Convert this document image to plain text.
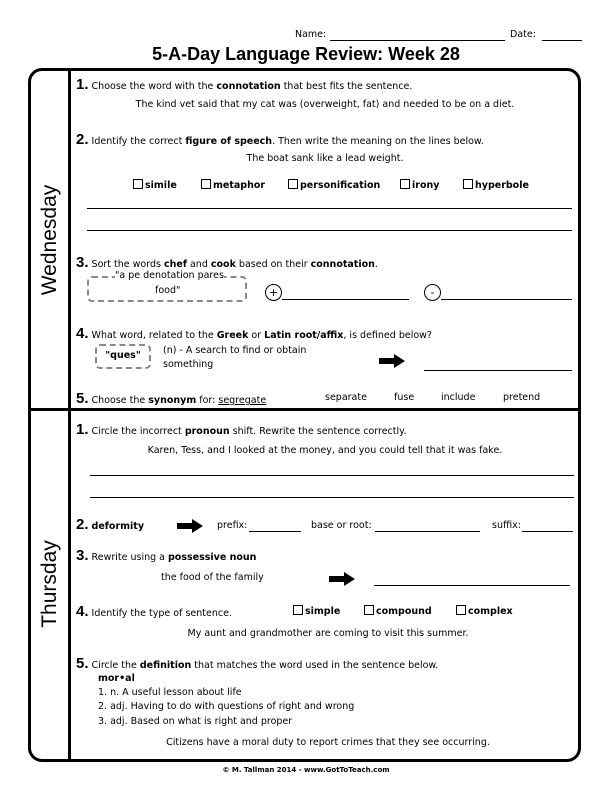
Name:	Date:
5-A-Day Language Review: Week 28
Wednesday
Thursday
1. Choose the word with the connotation that best fits the sentence.
The kind vet said that my cat was (overweight, fat) and needed to be on a diet.
2. Identify the correct figure of speech. Then write the meaning on the lines below.
The boat sank like a lead weight.
simile	metaphor	personification	irony	hyperbole
3. Sort the words chef and cook based on their connotation.
"a pe denotation pares
food"	+	-
4. What word, related to the Greek or Latin root/affix, is defined below?
"ques"	(n) - A search to find or obtain
something
5. Choose the synonym for: segregate	separate	fuse	include	pretend
1. Circle the incorrect pronoun shift. Rewrite the sentence correctly.
Karen, Tess, and I looked at the money, and you could tell that it was fake.
2. deformity	prefix:	base or root:	suffix:
3. Rewrite using a possessive noun
the food of the family
4. Identify the type of sentence.	simple	compound	complex
My aunt and grandmother are coming to visit this summer.
5. Circle the definition that matches the word used in the sentence below.
mor•al
1. n. A useful lesson about life
2. adj. Having to do with questions of right and wrong
3. adj. Based on what is right and proper
Citizens have a moral duty to report crimes that they see occurring.
© M. Tallman 2014 - www.GotToTeach.com
